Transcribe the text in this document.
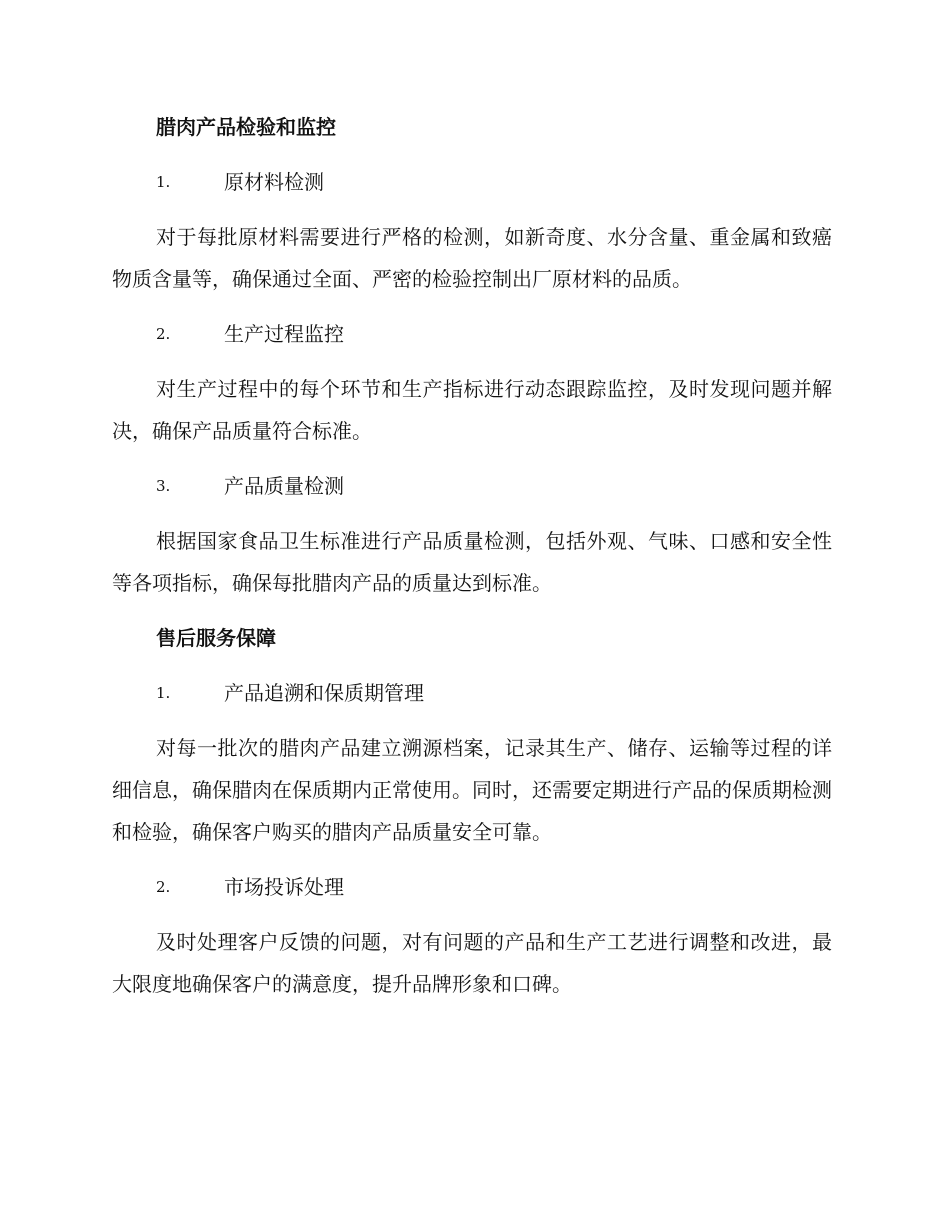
腊肉产品检验和监控
1.	原材料检测

对于每批原材料需要进行严格的检测，如新奇度、水分含量、重金属和致癌物质含量等，确保通过全面、严密的检验控制出厂原材料的品质。

2.	生产过程监控

对生产过程中的每个环节和生产指标进行动态跟踪监控，及时发现问题并解决，确保产品质量符合标准。

3.	产品质量检测

根据国家食品卫生标准进行产品质量检测，包括外观、气味、口感和安全性等各项指标，确保每批腊肉产品的质量达到标准。

售后服务保障
1.	产品追溯和保质期管理

对每一批次的腊肉产品建立溯源档案，记录其生产、储存、运输等过程的详细信息，确保腊肉在保质期内正常使用。同时，还需要定期进行产品的保质期检测和检验，确保客户购买的腊肉产品质量安全可靠。

2.	市场投诉处理

及时处理客户反馈的问题，对有问题的产品和生产工艺进行调整和改进，最大限度地确保客户的满意度，提升品牌形象和口碑。
